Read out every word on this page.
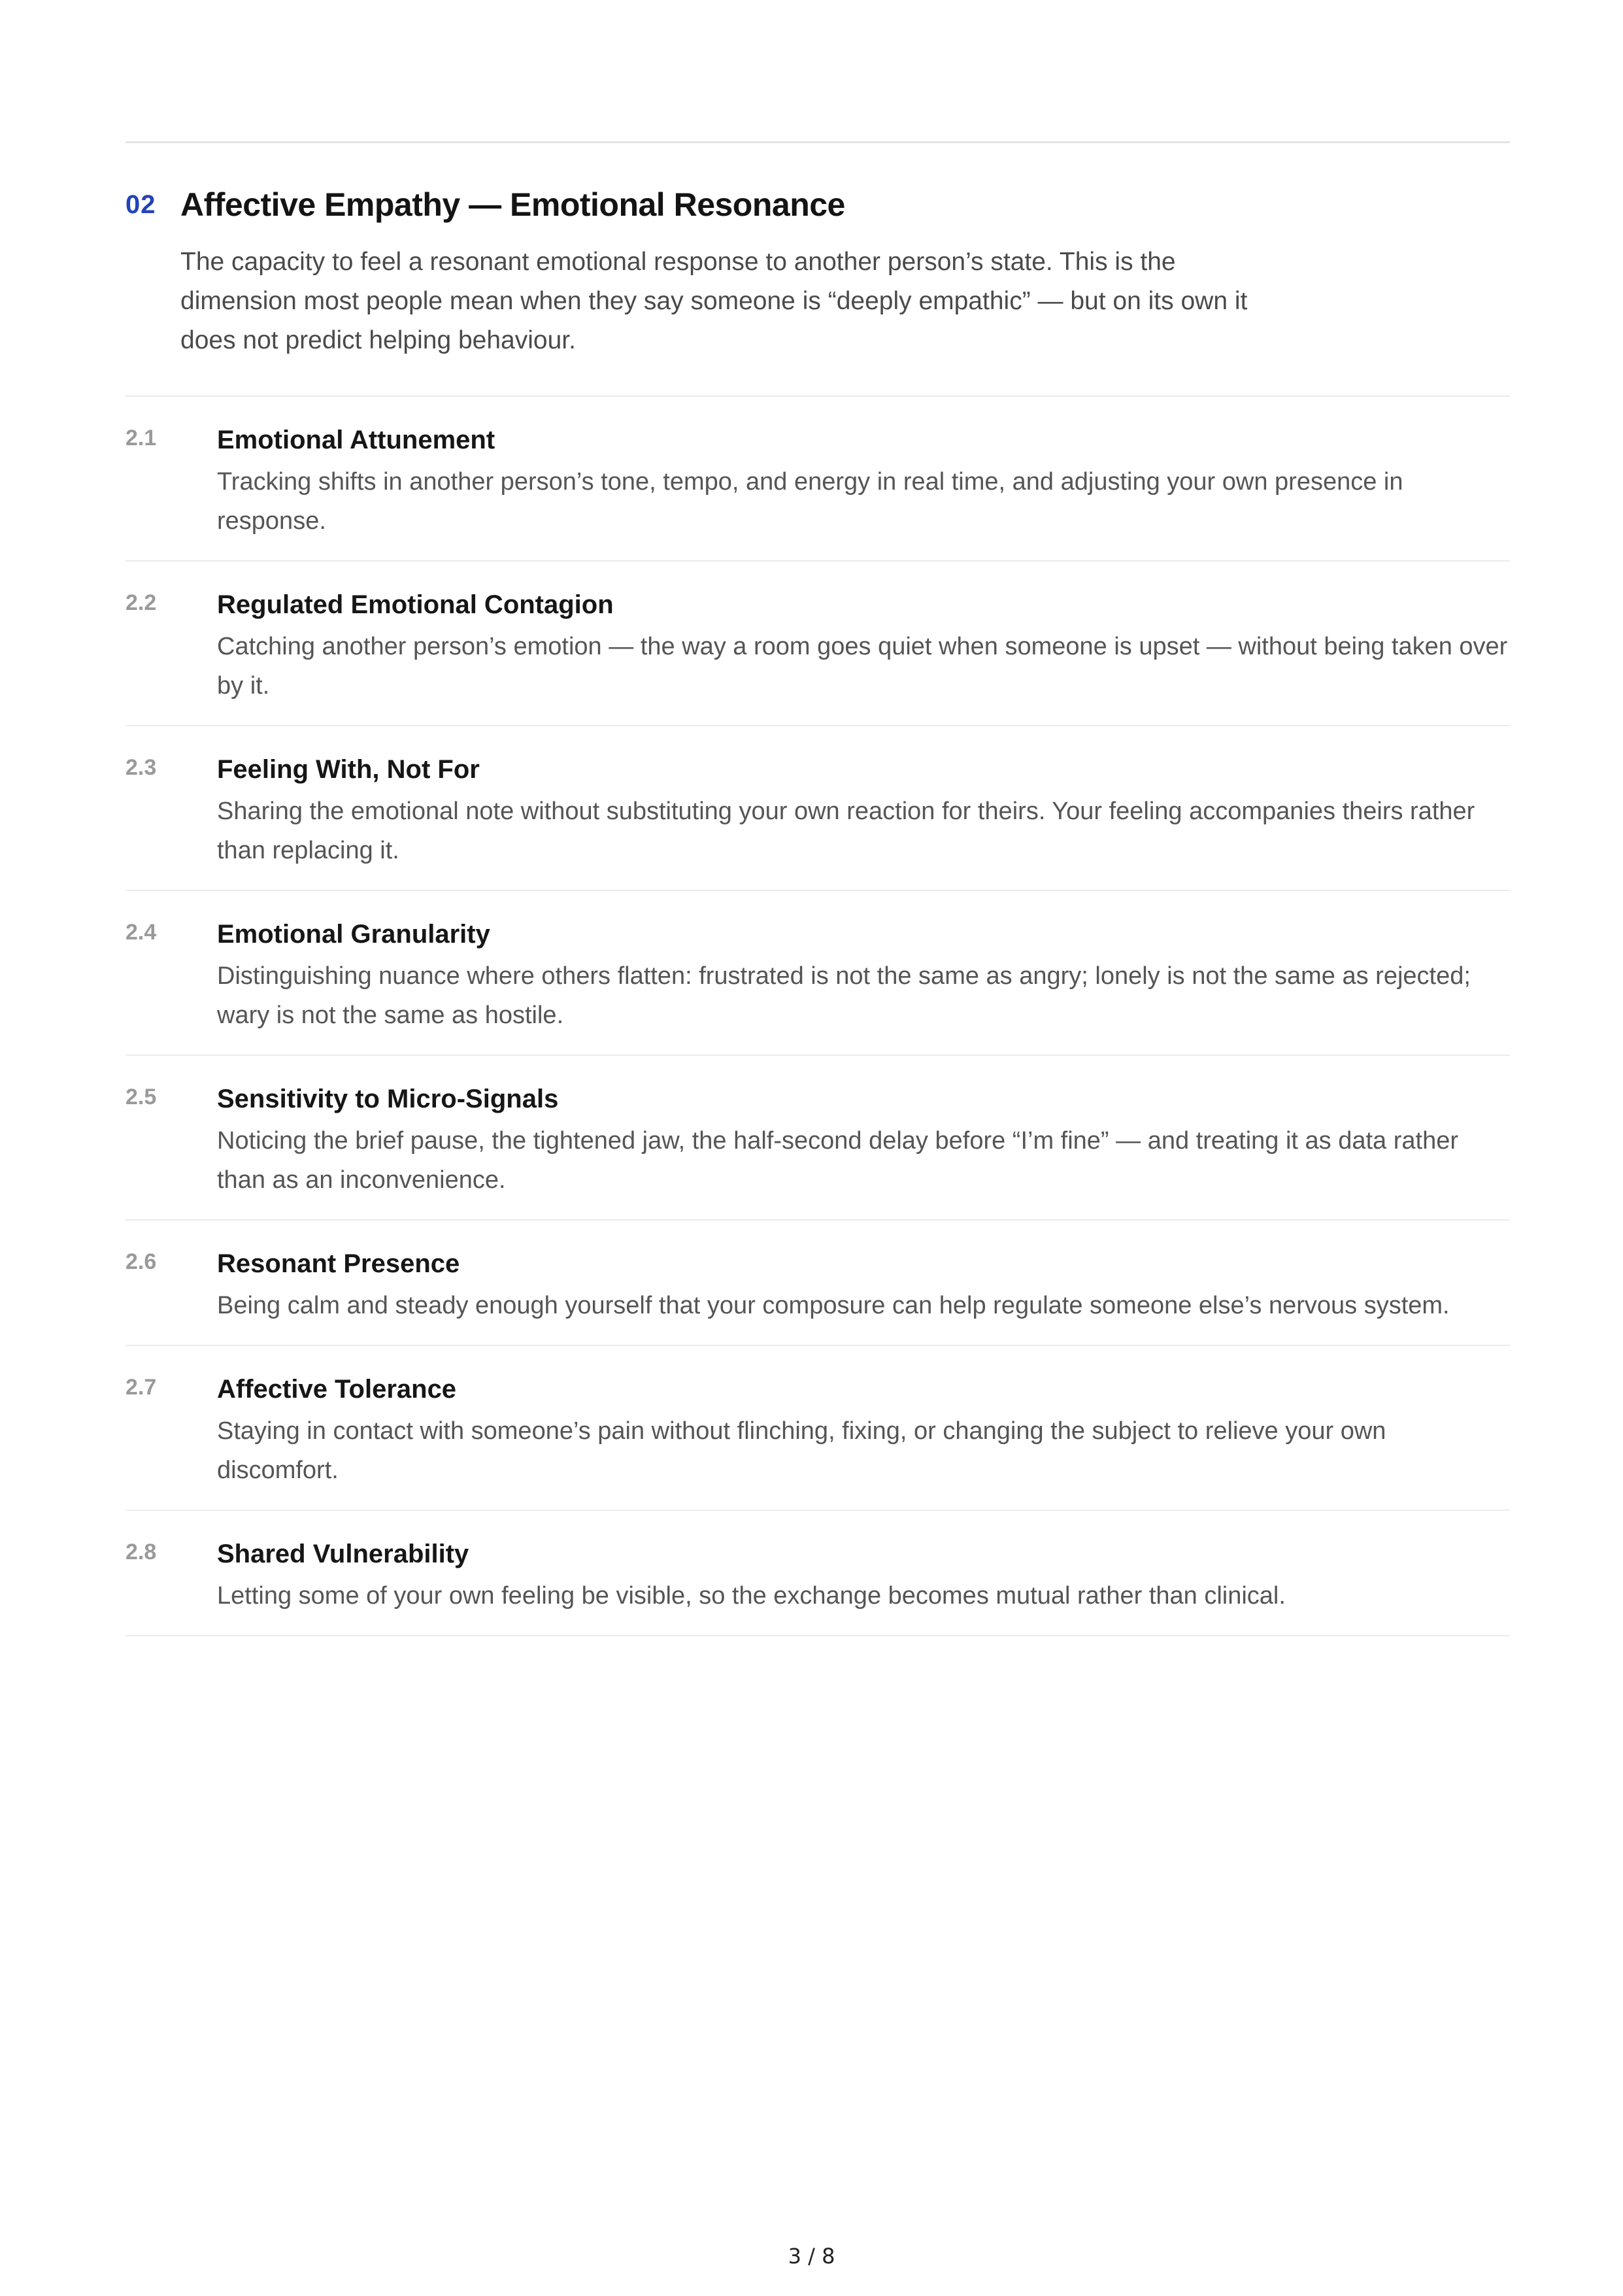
02 Affective Empathy — Emotional Resonance
The capacity to feel a resonant emotional response to another person’s state. This is the dimension most people mean when they say someone is “deeply empathic” — but on its own it does not predict helping behaviour.
2.1 Emotional Attunement
Tracking shifts in another person’s tone, tempo, and energy in real time, and adjusting your own presence in response.
2.2 Regulated Emotional Contagion
Catching another person’s emotion — the way a room goes quiet when someone is upset — without being taken over by it.
2.3 Feeling With, Not For
Sharing the emotional note without substituting your own reaction for theirs. Your feeling accompanies theirs rather than replacing it.
2.4 Emotional Granularity
Distinguishing nuance where others flatten: frustrated is not the same as angry; lonely is not the same as rejected; wary is not the same as hostile.
2.5 Sensitivity to Micro-Signals
Noticing the brief pause, the tightened jaw, the half-second delay before “I’m fine” — and treating it as data rather than as an inconvenience.
2.6 Resonant Presence
Being calm and steady enough yourself that your composure can help regulate someone else’s nervous system.
2.7 Affective Tolerance
Staying in contact with someone’s pain without flinching, fixing, or changing the subject to relieve your own discomfort.
2.8 Shared Vulnerability
Letting some of your own feeling be visible, so the exchange becomes mutual rather than clinical.
3 / 8
